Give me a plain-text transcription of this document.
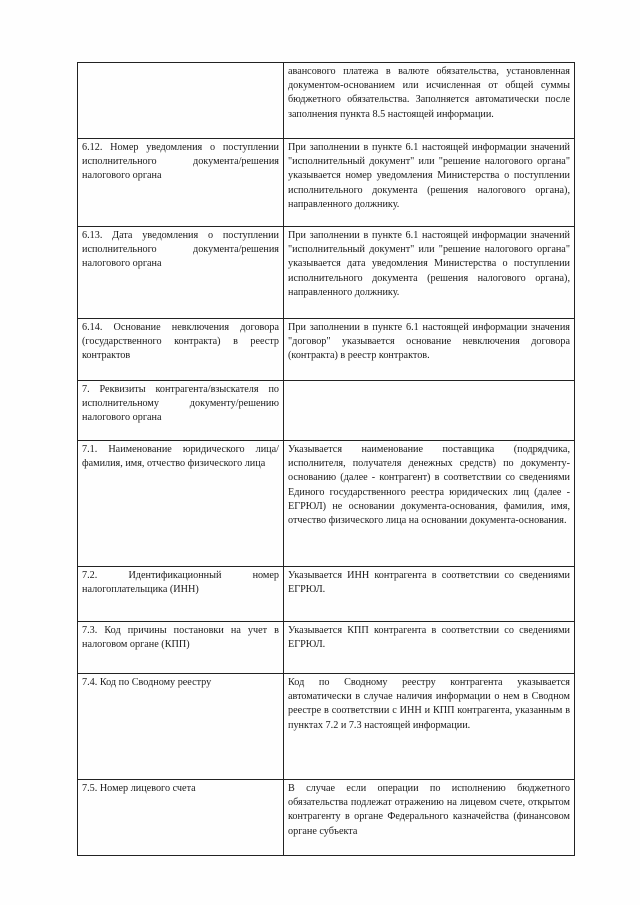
	авансового платежа в валюте обязательства, установленная документом-основанием или исчисленная от общей суммы бюджетного обязательства. Заполняется автоматически после заполнения пункта 8.5 настоящей информации.
6.12. Номер уведомления о поступлении исполнительного документа/решения налогового органа	При заполнении в пункте 6.1 настоящей информации значений "исполнительный документ" или "решение налогового органа" указывается номер уведомления Министерства о поступлении исполнительного документа (решения налогового органа), направленного должнику.
6.13. Дата уведомления о поступлении исполнительного документа/решения налогового органа	При заполнении в пункте 6.1 настоящей информации значений "исполнительный документ" или "решение налогового органа" указывается дата уведомления Министерства о поступлении исполнительного документа (решения налогового органа), направленного должнику.
6.14. Основание невключения договора (государственного контракта) в реестр контрактов	При заполнении в пункте 6.1 настоящей информации значения "договор" указывается основание невключения договора (контракта) в реестр контрактов.
7. Реквизиты контрагента/взыскателя по исполнительному документу/решению налогового органа	
7.1. Наименование юридического лица/фамилия, имя, отчество физического лица	Указывается наименование поставщика (подрядчика, исполнителя, получателя денежных средств) по документу-основанию (далее - контрагент) в соответствии со сведениями Единого государственного реестра юридических лиц (далее - ЕГРЮЛ) не основании документа-основания, фамилия, имя, отчество физического лица на основании документа-основания.
7.2. Идентификационный номер налогоплательщика (ИНН)	Указывается ИНН контрагента в соответствии со сведениями ЕГРЮЛ.
7.3. Код причины постановки на учет в налоговом органе (КПП)	Указывается КПП контрагента в соответствии со сведениями ЕГРЮЛ.
7.4. Код по Сводному реестру	Код по Сводному реестру контрагента указывается автоматически в случае наличия информации о нем в Сводном реестре в соответствии с ИНН и КПП контрагента, указанным в пунктах 7.2 и 7.3 настоящей информации.
7.5. Номер лицевого счета	В случае если операции по исполнению бюджетного обязательства подлежат отражению на лицевом счете, открытом контрагенту в органе Федерального казначейства (финансовом органе субъекта
